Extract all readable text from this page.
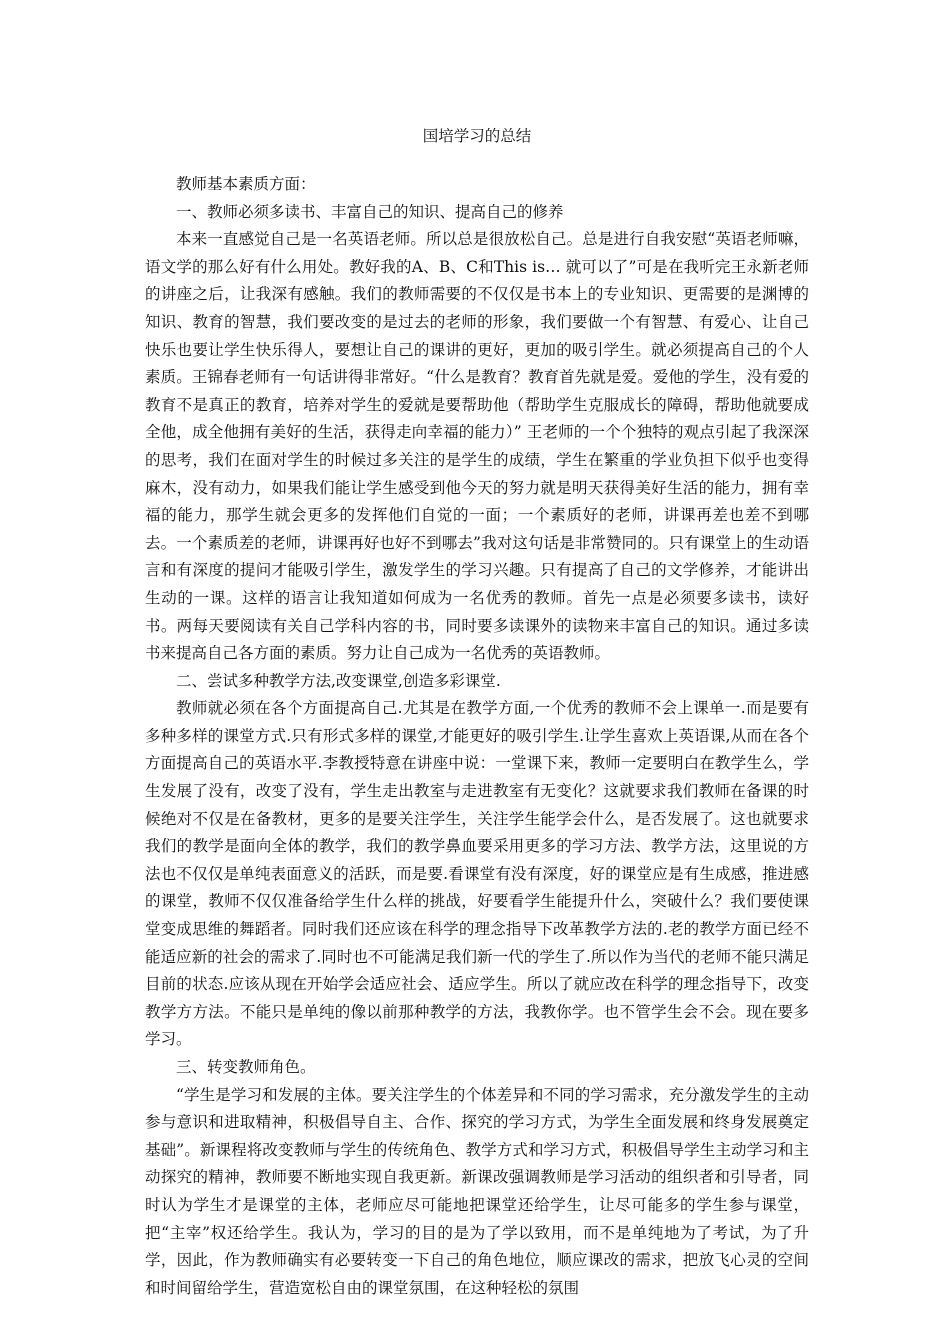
国培学习的总结

教师基本素质方面：

一、教师必须多读书、丰富自己的知识、提高自己的修养

本来一直感觉自己是一名英语老师。所以总是很放松自己。总是进行自我安慰“英语老师嘛，语文学的那么好有什么用处。教好我的A、B、C和This is… 就可以了”可是在我听完王永新老师的讲座之后，让我深有感触。我们的教师需要的不仅仅是书本上的专业知识、更需要的是渊博的知识、教育的智慧，我们要改变的是过去的老师的形象，我们要做一个有智慧、有爱心、让自己快乐也要让学生快乐得人，要想让自己的课讲的更好，更加的吸引学生。就必须提高自己的个人素质。王锦春老师有一句话讲得非常好。“什么是教育？教育首先就是爱。爱他的学生，没有爱的教育不是真正的教育，培养对学生的爱就是要帮助他（帮助学生克服成长的障碍，帮助他就要成全他，成全他拥有美好的生活，获得走向幸福的能力）” 王老师的一个个独特的观点引起了我深深的思考，我们在面对学生的时候过多关注的是学生的成绩，学生在繁重的学业负担下似乎也变得麻木，没有动力，如果我们能让学生感受到他今天的努力就是明天获得美好生活的能力，拥有幸福的能力，那学生就会更多的发挥他们自觉的一面；一个素质好的老师，讲课再差也差不到哪去。一个素质差的老师，讲课再好也好不到哪去”我对这句话是非常赞同的。只有课堂上的生动语言和有深度的提问才能吸引学生，激发学生的学习兴趣。只有提高了自己的文学修养，才能讲出生动的一课。这样的语言让我知道如何成为一名优秀的教师。首先一点是必须要多读书，读好书。两每天要阅读有关自己学科内容的书，同时要多读课外的读物来丰富自己的知识。通过多读书来提高自己各方面的素质。努力让自己成为一名优秀的英语教师。

二、尝试多种教学方法,改变课堂,创造多彩课堂.

教师就必须在各个方面提高自己.尤其是在教学方面,一个优秀的教师不会上课单一.而是要有多种多样的课堂方式.只有形式多样的课堂,才能更好的吸引学生.让学生喜欢上英语课,从而在各个方面提高自己的英语水平.李教授特意在讲座中说：一堂课下来，教师一定要明白在教学生么，学生发展了没有，改变了没有，学生走出教室与走进教室有无变化？这就要求我们教师在备课的时候绝对不仅是在备教材，更多的是要关注学生，关注学生能学会什么，是否发展了。这也就要求我们的教学是面向全体的教学，我们的教学鼻血要采用更多的学习方法、教学方法，这里说的方法也不仅仅是单纯表面意义的活跃，而是要.看课堂有没有深度，好的课堂应是有生成感，推进感的课堂，教师不仅仅准备给学生什么样的挑战，好要看学生能提升什么，突破什么？我们要使课堂变成思维的舞蹈者。同时我们还应该在科学的理念指导下改革教学方法的.老的教学方面已经不能适应新的社会的需求了.同时也不可能满足我们新一代的学生了.所以作为当代的老师不能只满足目前的状态.应该从现在开始学会适应社会、适应学生。所以了就应改在科学的理念指导下，改变教学方方法。不能只是单纯的像以前那种教学的方法，我教你学。也不管学生会不会。现在要多学习。

三、转变教师角色。

“学生是学习和发展的主体。要关注学生的个体差异和不同的学习需求，充分激发学生的主动参与意识和进取精神，积极倡导自主、合作、探究的学习方式，为学生全面发展和终身发展奠定基础”。新课程将改变教师与学生的传统角色、教学方式和学习方式，积极倡导学生主动学习和主动探究的精神，教师要不断地实现自我更新。新课改强调教师是学习活动的组织者和引导者，同时认为学生才是课堂的主体，老师应尽可能地把课堂还给学生，让尽可能多的学生参与课堂，把“主宰”权还给学生。我认为，学习的目的是为了学以致用，而不是单纯地为了考试，为了升学，因此，作为教师确实有必要转变一下自己的角色地位，顺应课改的需求，把放飞心灵的空间和时间留给学生，营造宽松自由的课堂氛围，在这种轻松的氛围
